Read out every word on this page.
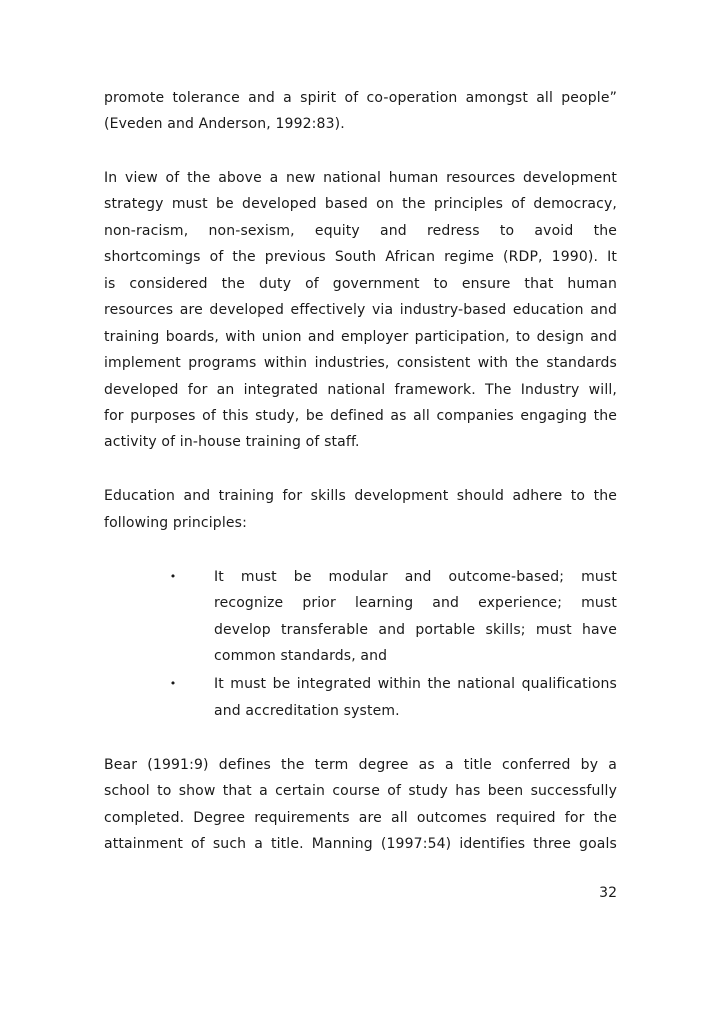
promote tolerance and a spirit of co-operation amongst all people”
(Eveden and Anderson, 1992:83).
In view of the above a new national human resources development
strategy must be developed based on the principles of democracy,
non-racism, non-sexism, equity and redress to avoid the
shortcomings of the previous South African regime (RDP, 1990). It
is considered the duty of government to ensure that human
resources are developed effectively via industry-based education and
training boards, with union and employer participation, to design and
implement programs within industries, consistent with the standards
developed for an integrated national framework. The Industry will,
for purposes of this study, be defined as all companies engaging the
activity of in-house training of staff.
Education and training for skills development should adhere to the
following principles:
•	It must be modular and outcome-based; must
recognize prior learning and experience; must
develop transferable and portable skills; must have
common standards, and
•	It must be integrated within the national qualifications
and accreditation system.
Bear (1991:9) defines the term degree as a title conferred by a
school to show that a certain course of study has been successfully
completed. Degree requirements are all outcomes required for the
attainment of such a title. Manning (1997:54) identifies three goals
32
